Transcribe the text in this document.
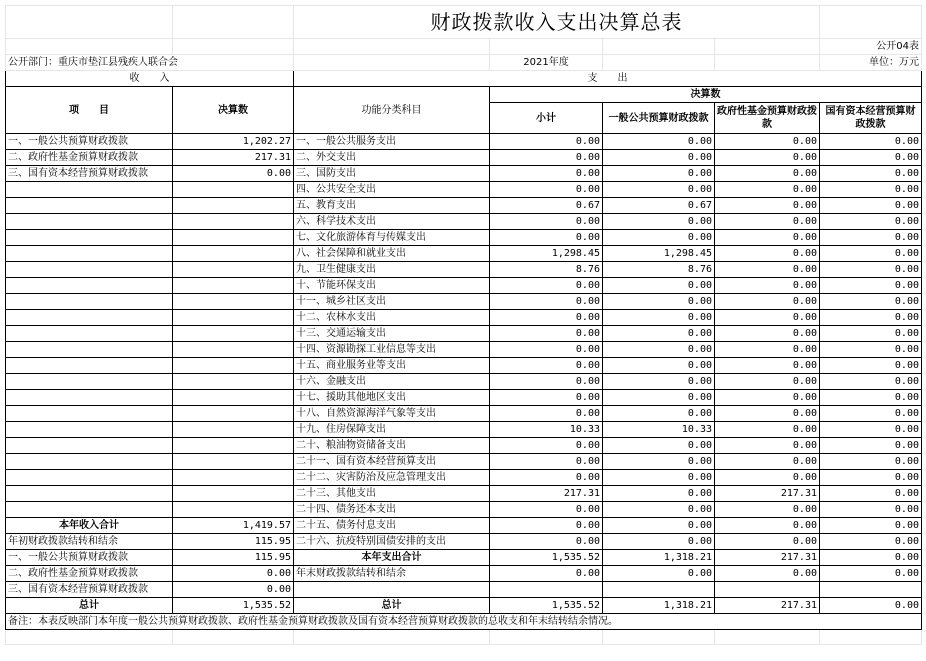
		财政拨款收入支出决算总表				
						公开04表
公开部门：重庆市垫江县残疾人联合会			2021年度			单位：万元
收　　入		支　　出				
项　　目	决算数	功能分类科目	决算数			
			小计	一般公共预算财政拨款	政府性基金预算财政拨款	国有资本经营预算财政拨款
一、一般公共预算财政拨款	1,202.27	一、一般公共服务支出	0.00	0.00	0.00	0.00
二、政府性基金预算财政拨款	217.31	二、外交支出	0.00	0.00	0.00	0.00
三、国有资本经营预算财政拨款	0.00	三、国防支出	0.00	0.00	0.00	0.00
		四、公共安全支出	0.00	0.00	0.00	0.00
		五、教育支出	0.67	0.67	0.00	0.00
		六、科学技术支出	0.00	0.00	0.00	0.00
		七、文化旅游体育与传媒支出	0.00	0.00	0.00	0.00
		八、社会保障和就业支出	1,298.45	1,298.45	0.00	0.00
		九、卫生健康支出	8.76	8.76	0.00	0.00
		十、节能环保支出	0.00	0.00	0.00	0.00
		十一、城乡社区支出	0.00	0.00	0.00	0.00
		十二、农林水支出	0.00	0.00	0.00	0.00
		十三、交通运输支出	0.00	0.00	0.00	0.00
		十四、资源勘探工业信息等支出	0.00	0.00	0.00	0.00
		十五、商业服务业等支出	0.00	0.00	0.00	0.00
		十六、金融支出	0.00	0.00	0.00	0.00
		十七、援助其他地区支出	0.00	0.00	0.00	0.00
		十八、自然资源海洋气象等支出	0.00	0.00	0.00	0.00
		十九、住房保障支出	10.33	10.33	0.00	0.00
		二十、粮油物资储备支出	0.00	0.00	0.00	0.00
		二十一、国有资本经营预算支出	0.00	0.00	0.00	0.00
		二十二、灾害防治及应急管理支出	0.00	0.00	0.00	0.00
		二十三、其他支出	217.31	0.00	217.31	0.00
		二十四、债务还本支出	0.00	0.00	0.00	0.00
本年收入合计	1,419.57	二十五、债务付息支出	0.00	0.00	0.00	0.00
年初财政拨款结转和结余	115.95	二十六、抗疫特别国债安排的支出	0.00	0.00	0.00	0.00
一、一般公共预算财政拨款	115.95	本年支出合计	1,535.52	1,318.21	217.31	0.00
二、政府性基金预算财政拨款	0.00	年末财政拨款结转和结余	0.00	0.00	0.00	0.00
三、国有资本经营预算财政拨款	0.00					
总计	1,535.52	总计	1,535.52	1,318.21	217.31	0.00
备注：本表反映部门本年度一般公共预算财政拨款、政府性基金预算财政拨款及国有资本经营预算财政拨款的总收支和年末结转结余情况。						
